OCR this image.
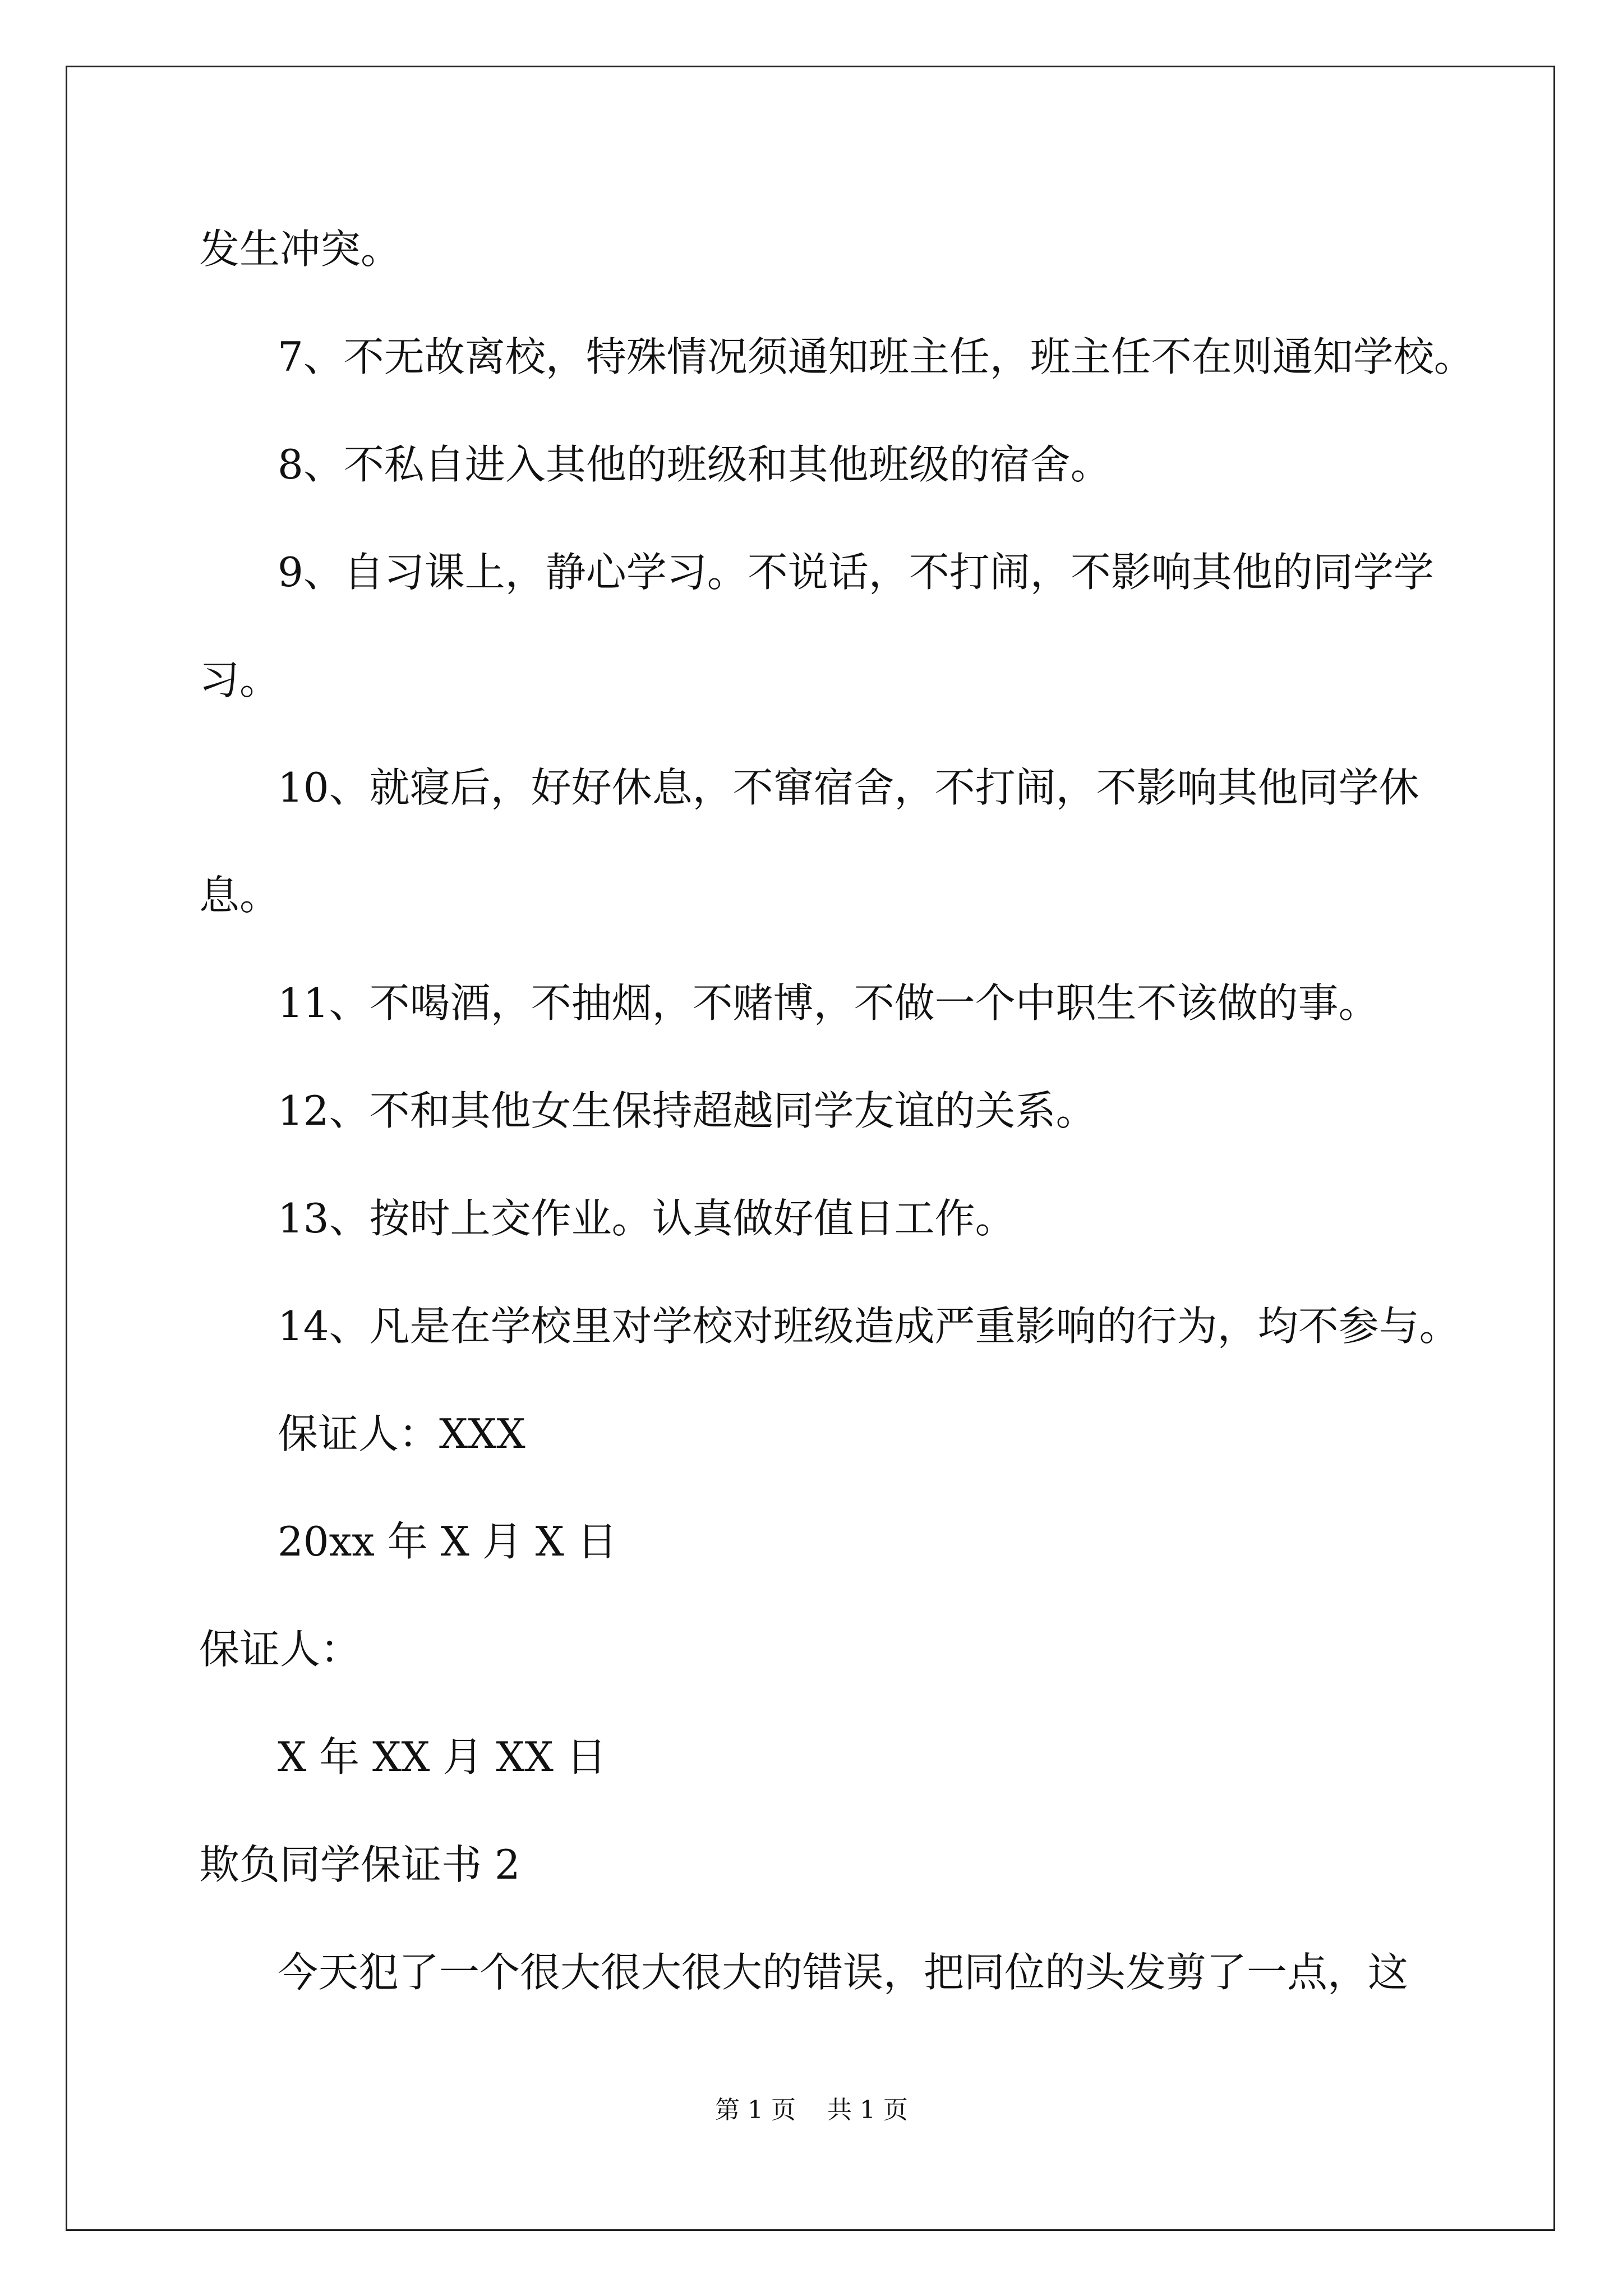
发生冲突。
7、不无故离校，特殊情况须通知班主任，班主任不在则通知学校。
8、不私自进入其他的班级和其他班级的宿舍。
9、自习课上，静心学习。不说话，不打闹，不影响其他的同学学
习。
10、就寝后，好好休息，不窜宿舍，不打闹，不影响其他同学休
息。
11、不喝酒，不抽烟，不赌博，不做一个中职生不该做的事。
12、不和其他女生保持超越同学友谊的关系。
13、按时上交作业。认真做好值日工作。
14、凡是在学校里对学校对班级造成严重影响的行为，均不参与。
保证人：XXX
20xx 年 X 月 X 日
保证人：
X 年 XX 月 XX 日
欺负同学保证书 2
今天犯了一个很大很大很大的错误，把同位的头发剪了一点，这
第 1 页    共 1 页
